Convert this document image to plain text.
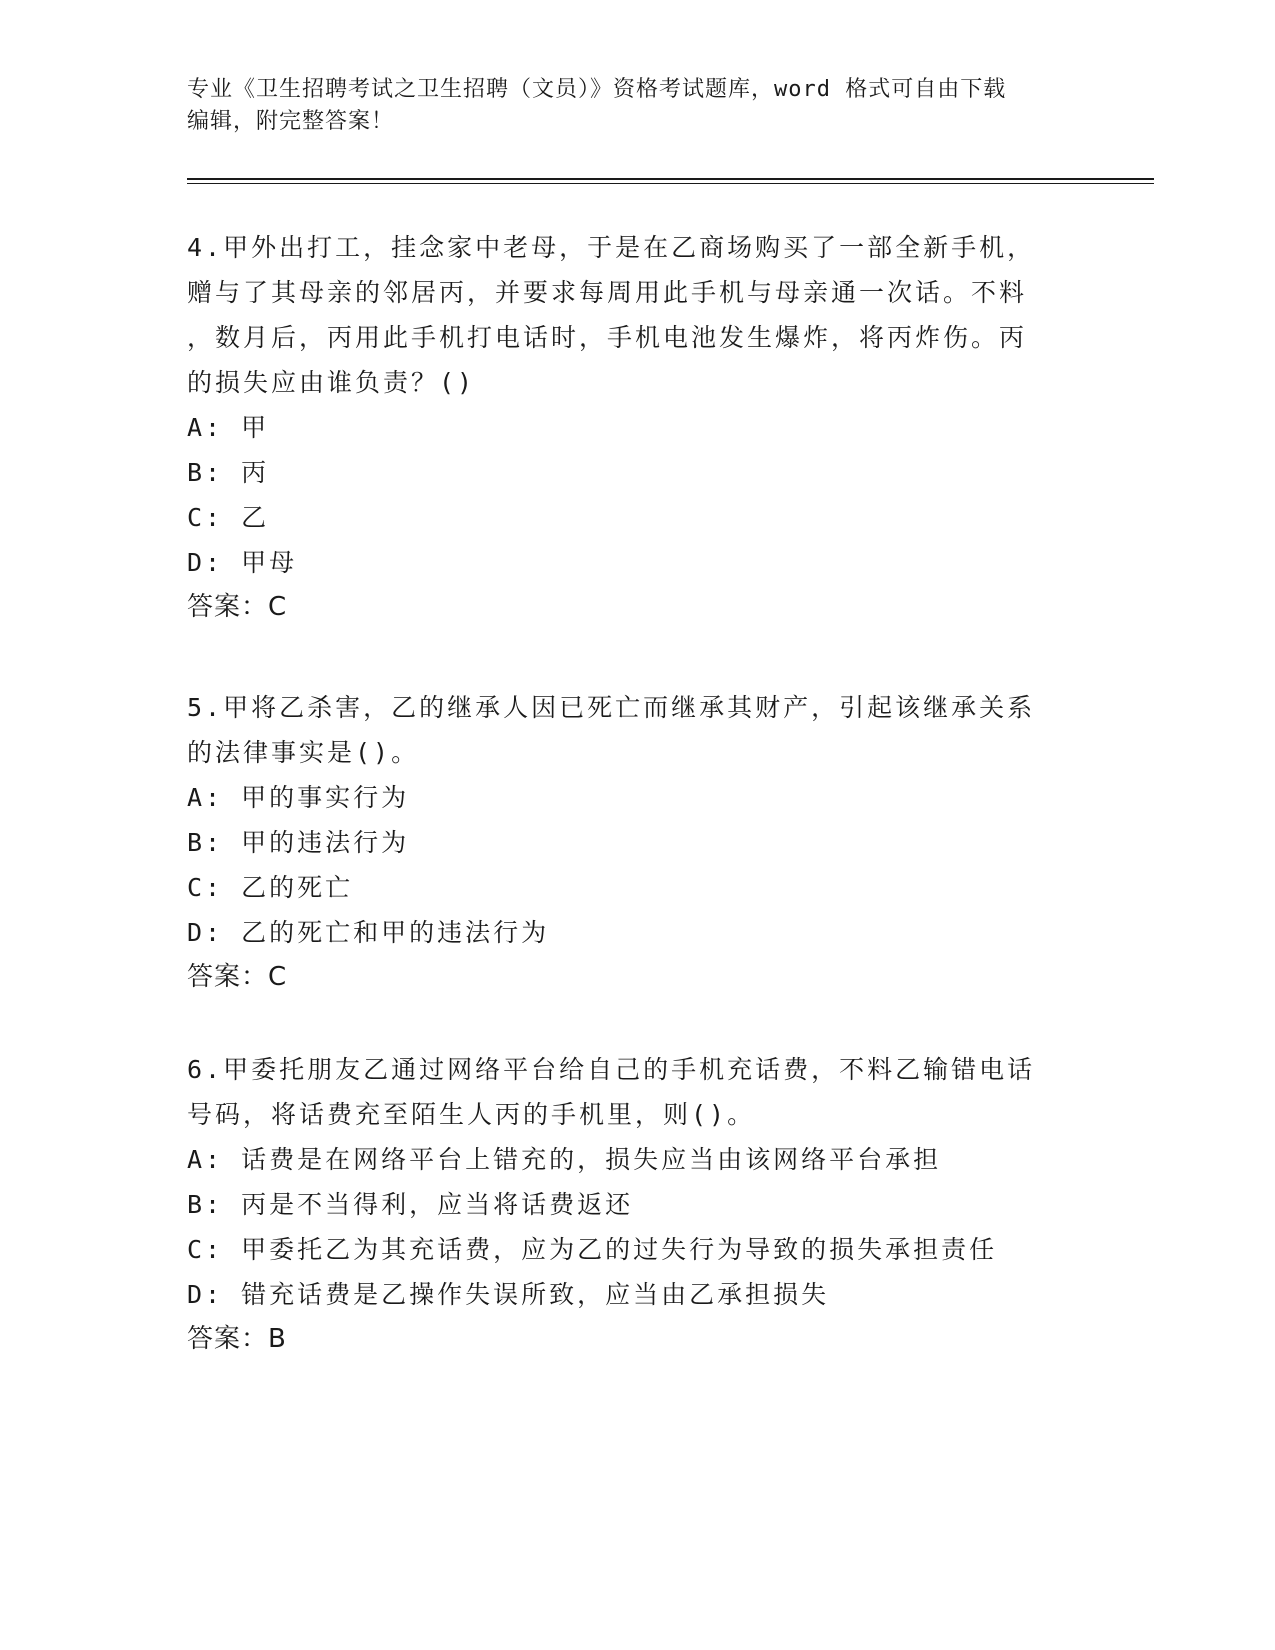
专业《卫生招聘考试之卫生招聘（文员）》资格考试题库，word 格式可自由下载
编辑，附完整答案！
4.甲外出打工，挂念家中老母，于是在乙商场购买了一部全新手机，
赠与了其母亲的邻居丙，并要求每周用此手机与母亲通一次话。不料
，数月后，丙用此手机打电话时，手机电池发生爆炸，将丙炸伤。丙
的损失应由谁负责？()
A: 甲
B: 丙
C: 乙
D: 甲母
答案：C
5.甲将乙杀害，乙的继承人因已死亡而继承其财产，引起该继承关系
的法律事实是()。
A: 甲的事实行为
B: 甲的违法行为
C: 乙的死亡
D: 乙的死亡和甲的违法行为
答案：C
6.甲委托朋友乙通过网络平台给自己的手机充话费，不料乙输错电话
号码，将话费充至陌生人丙的手机里，则()。
A: 话费是在网络平台上错充的，损失应当由该网络平台承担
B: 丙是不当得利，应当将话费返还
C: 甲委托乙为其充话费，应为乙的过失行为导致的损失承担责任
D: 错充话费是乙操作失误所致，应当由乙承担损失
答案：B
